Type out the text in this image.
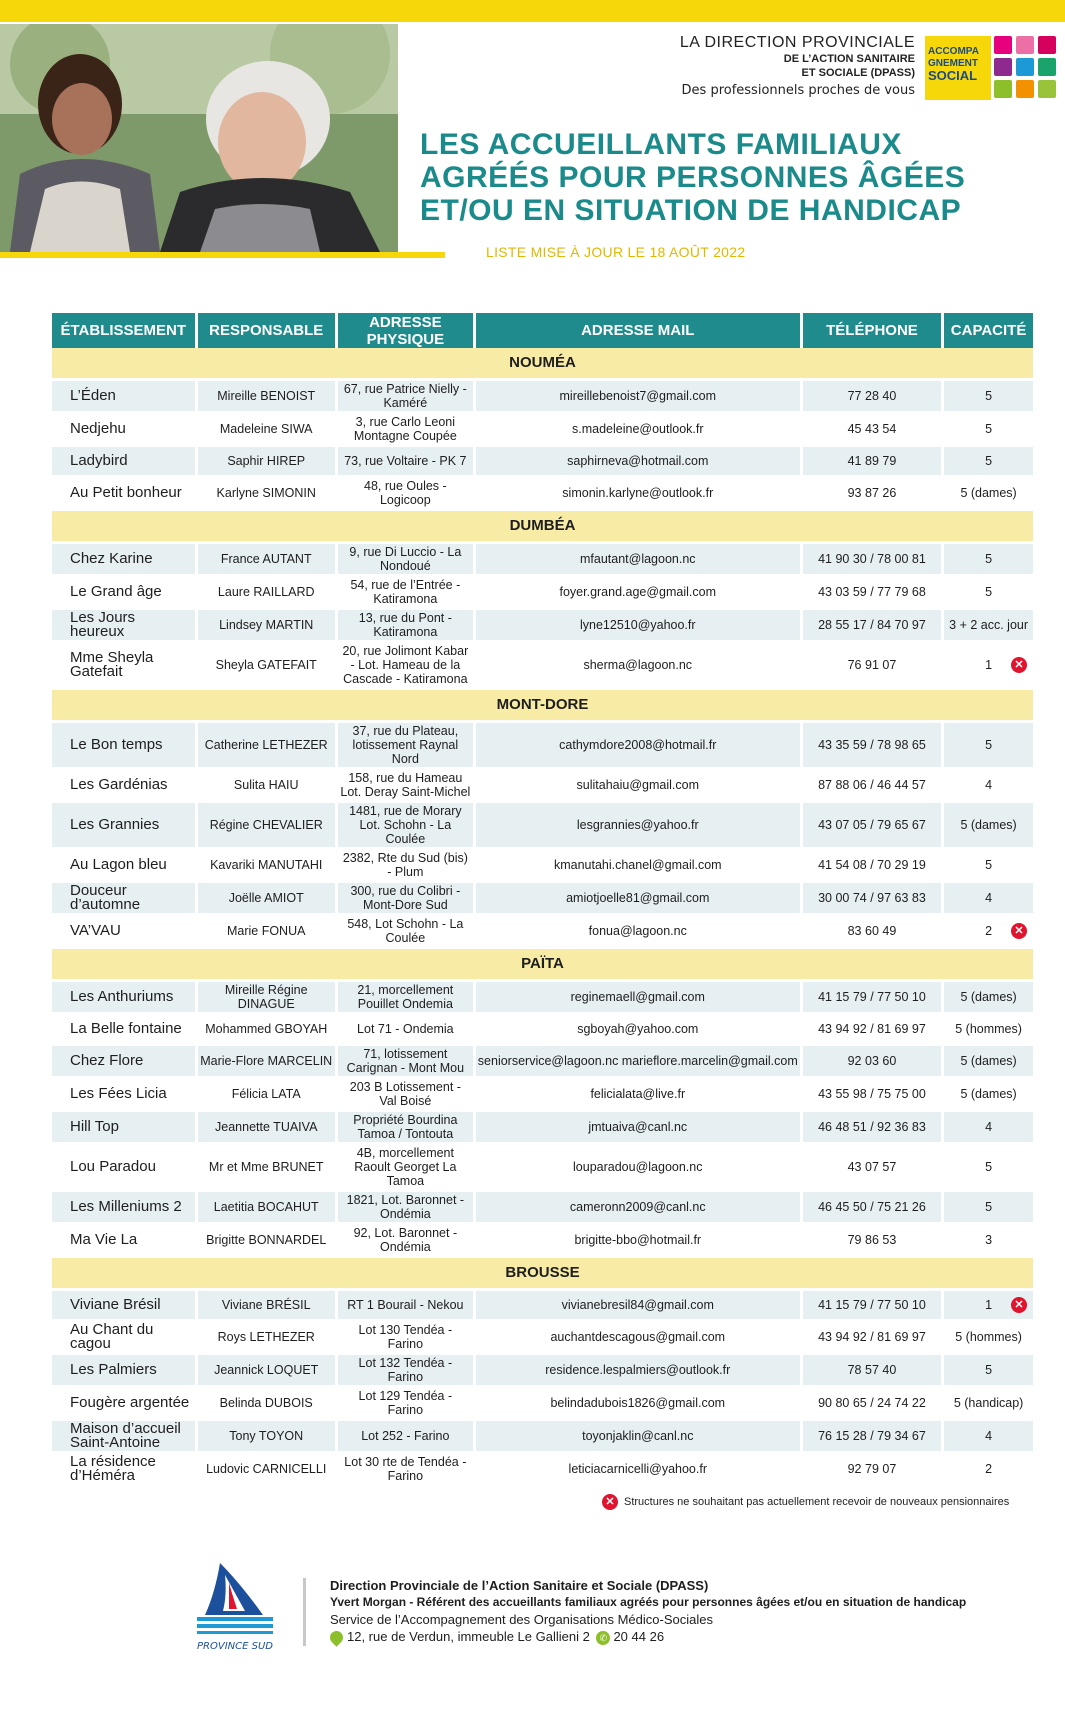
LA DIRECTION PROVINCIALE
DE L’ACTION SANITAIRE
ET SOCIALE (DPASS)
Des professionnels proches de vous
ACCOMPA
GNEMENT
SOCIAL
LES ACCUEILLANTS FAMILIAUX
AGRÉÉS POUR PERSONNES ÂGÉES
ET/OU EN SITUATION DE HANDICAP
LISTE MISE À JOUR LE 18 AOÛT 2022
ÉTABLISSEMENT	RESPONSABLE	ADRESSE PHYSIQUE	ADRESSE MAIL	TÉLÉPHONE	CAPACITÉ
NOUMÉA					
L’Éden	Mireille BENOIST	67, rue Patrice Nielly - Kaméré	mireillebenoist7@gmail.com	77 28 40	5
Nedjehu	Madeleine SIWA	3, rue Carlo Leoni Montagne Coupée	s.madeleine@outlook.fr	45 43 54	5
Ladybird	Saphir HIREP	73, rue Voltaire - PK 7	saphirneva@hotmail.com	41 89 79	5
Au Petit bonheur	Karlyne SIMONIN	48, rue Oules - Logicoop	simonin.karlyne@outlook.fr	93 87 26	5 (dames)
DUMBÉA					
Chez Karine	France AUTANT	9, rue Di Luccio - La Nondoué	mfautant@lagoon.nc	41 90 30 / 78 00 81	5
Le Grand âge	Laure RAILLARD	54, rue de l’Entrée - Katiramona	foyer.grand.age@gmail.com	43 03 59 / 77 79 68	5
Les Jours heureux	Lindsey MARTIN	13, rue du Pont - Katiramona	lyne12510@yahoo.fr	28 55 17 / 84 70 97	3 + 2 acc. jour
Mme Sheyla Gatefait	Sheyla GATEFAIT	20, rue Jolimont Kabar - Lot. Hameau de la Cascade - Katiramona	sherma@lagoon.nc	76 91 07	1 ✕

MONT-DORE					
Le Bon temps	Catherine LETHEZER	37, rue du Plateau, lotissement Raynal Nord	cathymdore2008@hotmail.fr	43 35 59 / 78 98 65	5
Les Gardénias	Sulita HAIU	158, rue du Hameau Lot. Deray Saint-Michel	sulitahaiu@gmail.com	87 88 06 / 46 44 57	4
Les Grannies	Régine CHEVALIER	1481, rue de Morary Lot. Schohn - La Coulée	lesgrannies@yahoo.fr	43 07 05 / 79 65 67	5 (dames)
Au Lagon bleu	Kavariki MANUTAHI	2382, Rte du Sud (bis) - Plum	kmanutahi.chanel@gmail.com	41 54 08 / 70 29 19	5
Douceur d’automne	Joëlle AMIOT	300, rue du Colibri - Mont-Dore Sud	amiotjoelle81@gmail.com	30 00 74 / 97 63 83	4
VA’VAU	Marie FONUA	548, Lot Schohn - La Coulée	fonua@lagoon.nc	83 60 49	2 ✕

PAÏTA					
Les Anthuriums	Mireille Régine DINAGUE	21, morcellement Pouillet Ondemia	reginemaell@gmail.com	41 15 79 / 77 50 10	5 (dames)
La Belle fontaine	Mohammed GBOYAH	Lot 71 - Ondemia	sgboyah@yahoo.com	43 94 92 / 81 69 97	5 (hommes)
Chez Flore	Marie-Flore MARCELIN	71, lotissement Carignan - Mont Mou	seniorservice@lagoon.nc marieflore.marcelin@gmail.com	92 03 60	5 (dames)
Les Fées Licia	Félicia LATA	203 B Lotissement - Val Boisé	felicialata@live.fr	43 55 98 / 75 75 00	5 (dames)
Hill Top	Jeannette TUAIVA	Propriété Bourdina Tamoa / Tontouta	jmtuaiva@canl.nc	46 48 51 / 92 36 83	4
Lou Paradou	Mr et Mme BRUNET	4B, morcellement Raoult Georget La Tamoa	louparadou@lagoon.nc	43 07 57	5
Les Milleniums 2	Laetitia BOCAHUT	1821, Lot. Baronnet - Ondémia	cameronn2009@canl.nc	46 45 50 / 75 21 26	5
Ma Vie La	Brigitte BONNARDEL	92, Lot. Baronnet - Ondémia	brigitte-bbo@hotmail.fr	79 86 53	3
BROUSSE					
Viviane Brésil	Viviane BRÉSIL	RT 1 Bourail - Nekou	vivianebresil84@gmail.com	41 15 79 / 77 50 10	1 ✕

Au Chant du cagou	Roys LETHEZER	Lot 130 Tendéa - Farino	auchantdescagous@gmail.com	43 94 92 / 81 69 97	5 (hommes)
Les Palmiers	Jeannick LOQUET	Lot 132 Tendéa - Farino	residence.lespalmiers@outlook.fr	78 57 40	5
Fougère argentée	Belinda DUBOIS	Lot 129 Tendéa - Farino	belindadubois1826@gmail.com	90 80 65 / 24 74 22	5 (handicap)
Maison d’accueil Saint-Antoine	Tony TOYON	Lot 252 - Farino	toyonjaklin@canl.nc	76 15 28 / 79 34 67	4
La résidence d’Héméra	Ludovic CARNICELLI	Lot 30 rte de Tendéa - Farino	leticiacarnicelli@yahoo.fr	92 79 07	2
✕ Structures ne souhaitant pas actuellement recevoir de nouveaux pensionnaires
PROVINCE SUD
Direction Provinciale de l’Action Sanitaire et Sociale (DPASS)
Yvert Morgan - Référent des accueillants familiaux agréés pour personnes âgées et/ou en situation de handicap
Service de l’Accompagnement des Organisations Médico-Sociales
12, rue de Verdun, immeuble Le Gallieni 2 ✆ 20 44 26
